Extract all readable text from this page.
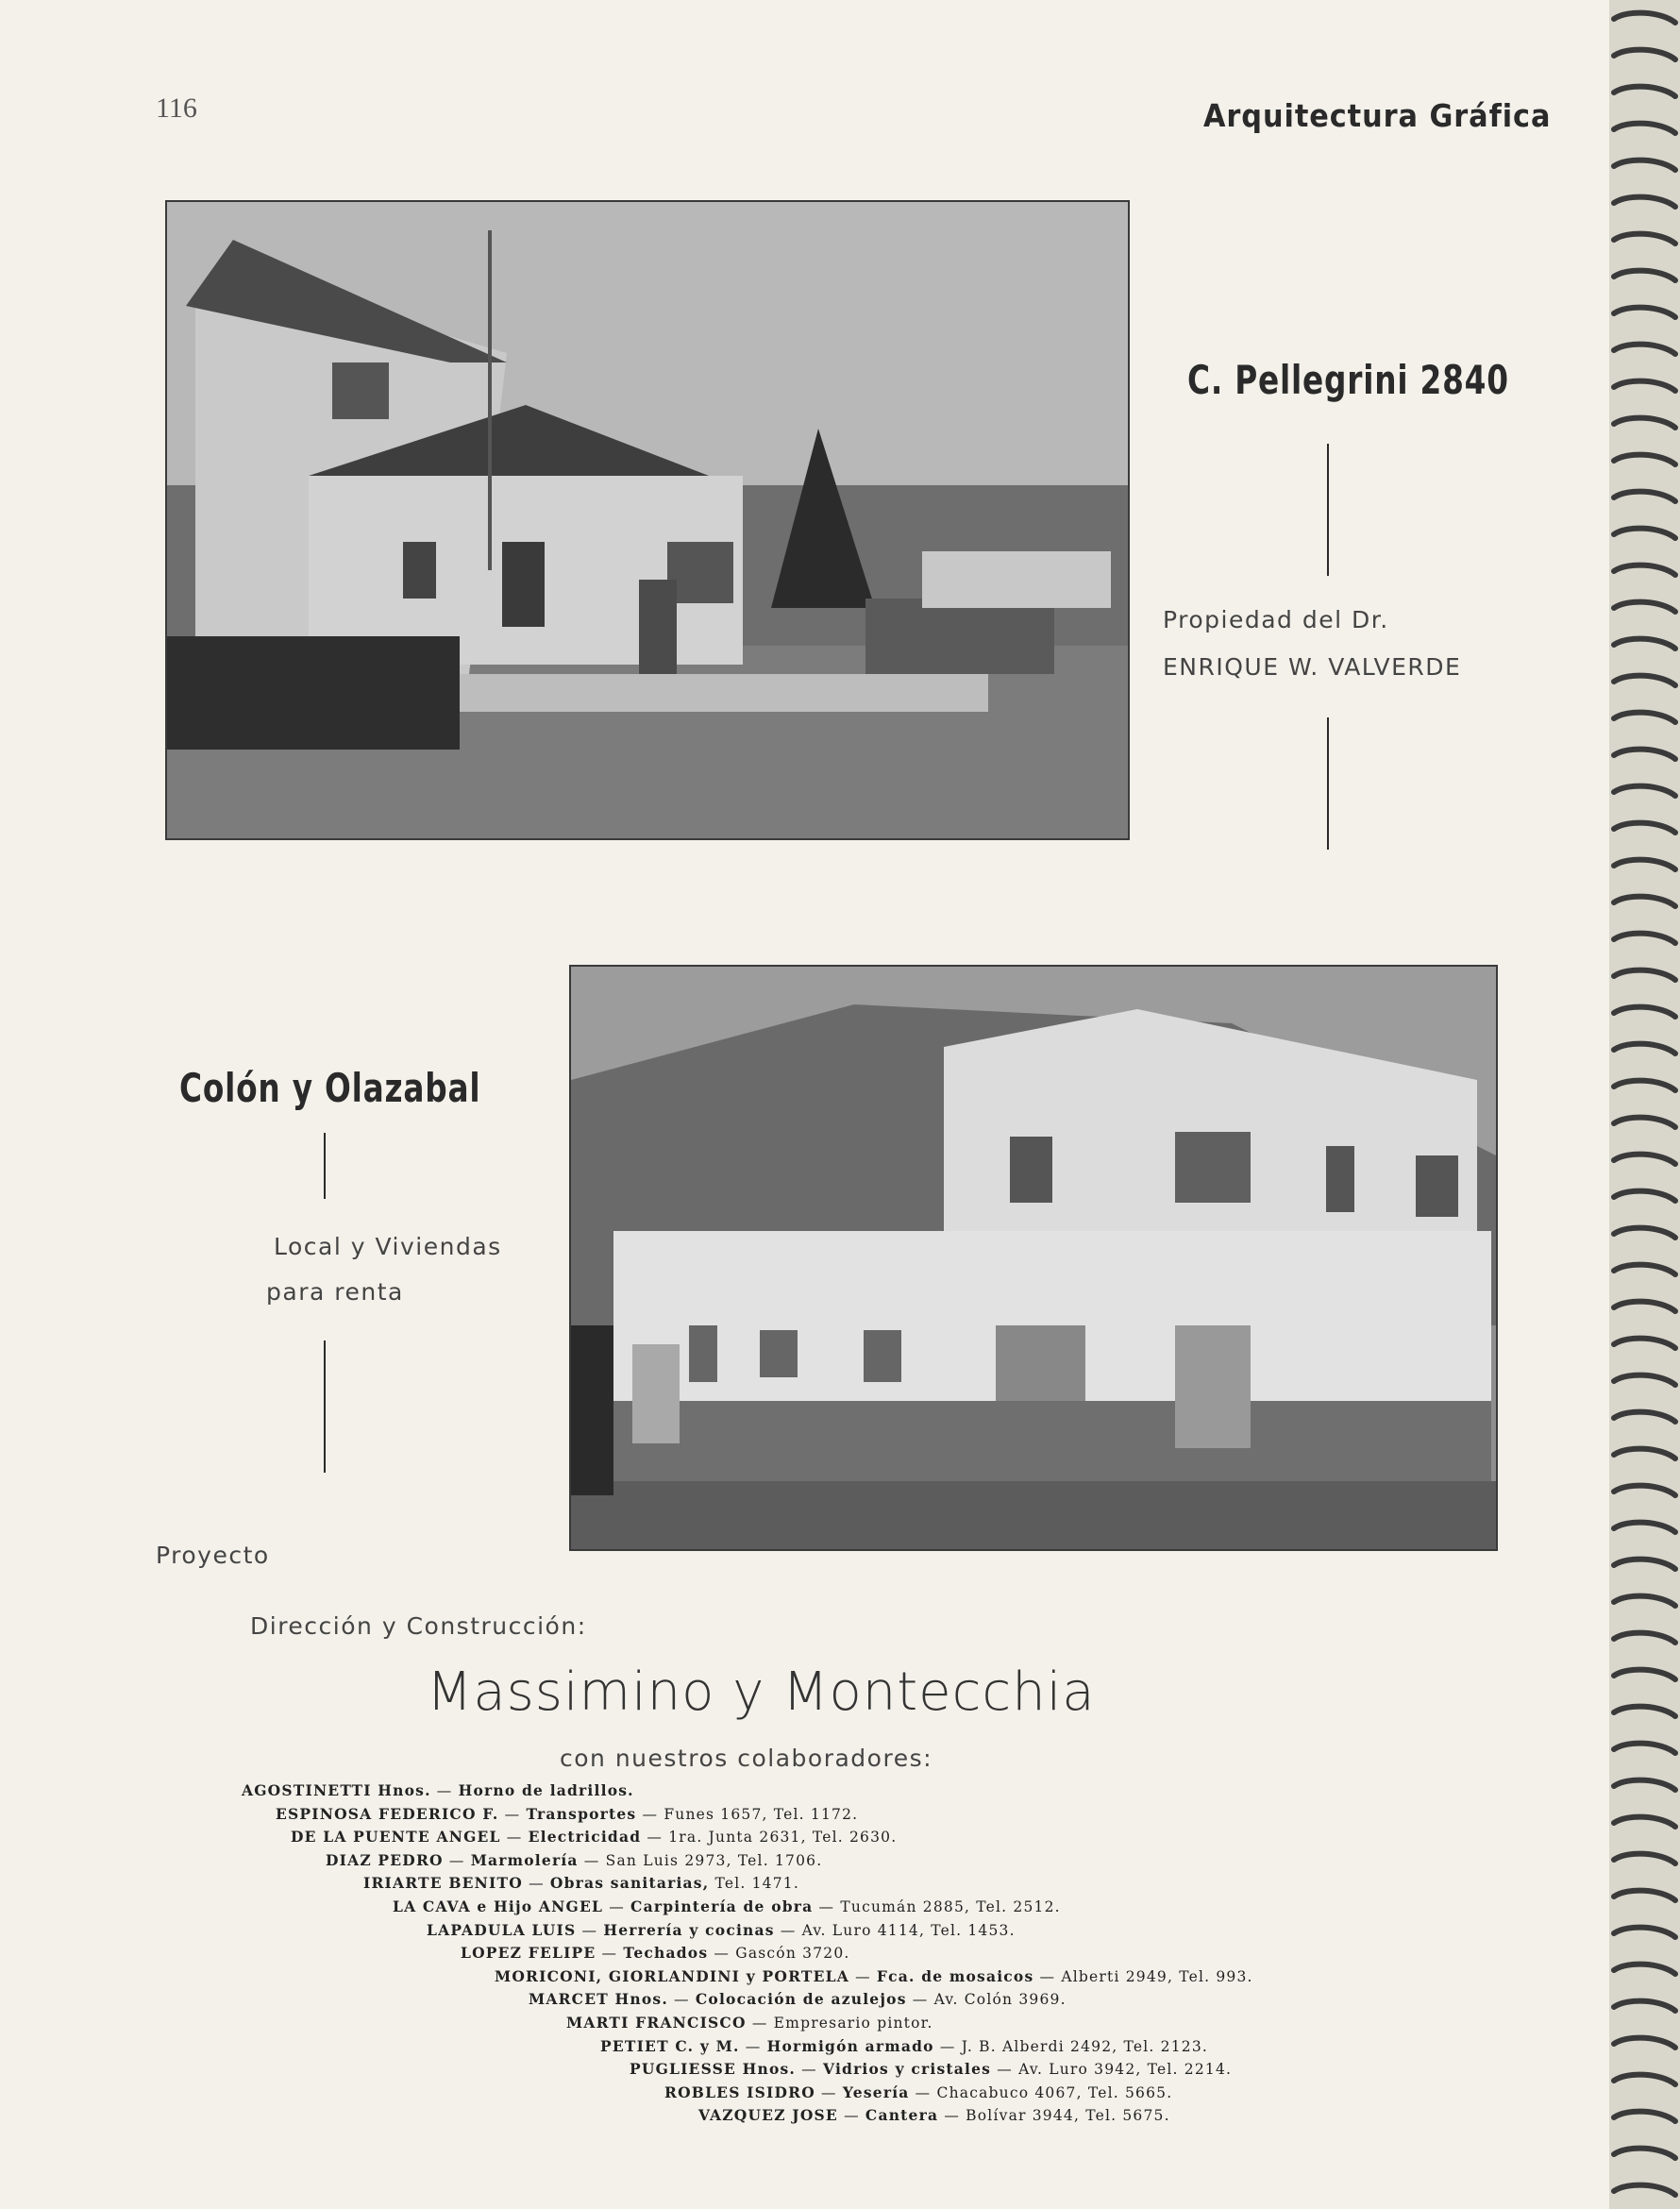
116	Arquitectura Gráfica
C. Pellegrini 2840
Propiedad del Dr.
ENRIQUE W. VALVERDE
Colón y Olazabal
Local y Viviendas
para renta
Proyecto
Dirección y Construcción:
Massimino y Montecchia
con nuestros colaboradores:
AGOSTINETTI Hnos. — Horno de ladrillos.
ESPINOSA FEDERICO F. — Transportes — Funes 1657, Tel. 1172.
DE LA PUENTE ANGEL — Electricidad — 1ra. Junta 2631, Tel. 2630.
DIAZ PEDRO — Marmolería — San Luis 2973, Tel. 1706.
IRIARTE BENITO — Obras sanitarias, Tel. 1471.
LA CAVA e Hijo ANGEL — Carpintería de obra — Tucumán 2885, Tel. 2512.
LAPADULA LUIS — Herrería y cocinas — Av. Luro 4114, Tel. 1453.
LOPEZ FELIPE — Techados — Gascón 3720.
MORICONI, GIORLANDINI y PORTELA — Fca. de mosaicos — Alberti 2949, Tel. 993.
MARCET Hnos. — Colocación de azulejos — Av. Colón 3969.
MARTI FRANCISCO — Empresario pintor.
PETIET C. y M. — Hormigón armado — J. B. Alberdi 2492, Tel. 2123.
PUGLIESSE Hnos. — Vidrios y cristales — Av. Luro 3942, Tel. 2214.
ROBLES ISIDRO — Yesería — Chacabuco 4067, Tel. 5665.
VAZQUEZ JOSE — Cantera — Bolívar 3944, Tel. 5675.
